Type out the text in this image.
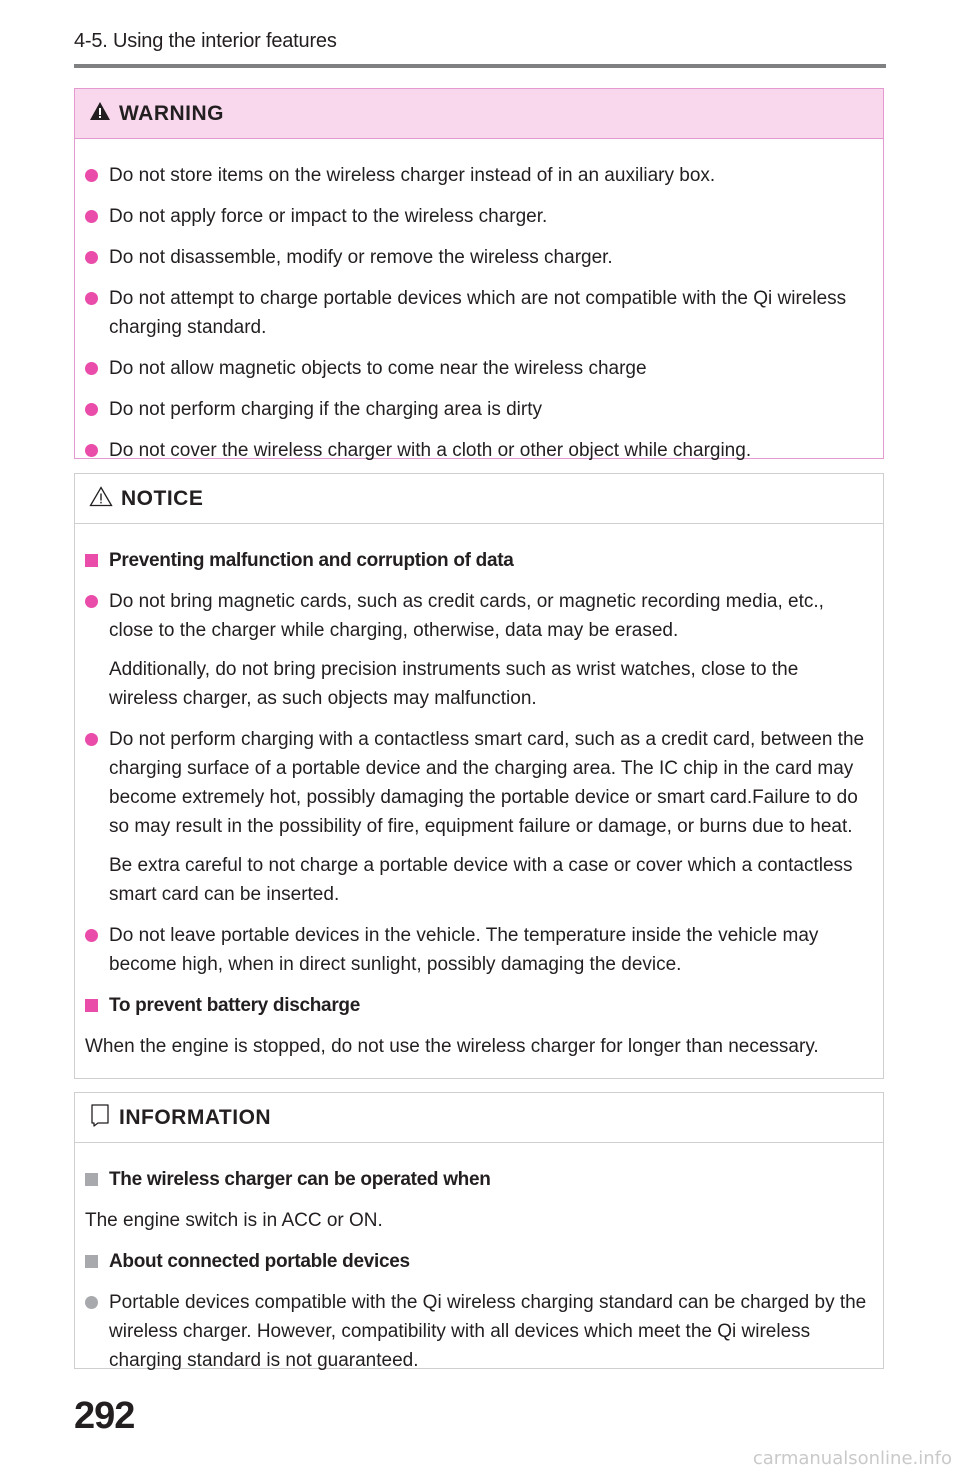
4-5. Using the interior features
WARNING
Do not store items on the wireless charger instead of in an auxiliary box.
Do not apply force or impact to the wireless charger.
Do not disassemble, modify or remove the wireless charger.
Do not attempt to charge portable devices which are not compatible with the Qi wireless charging standard.
Do not allow magnetic objects to come near the wireless charge
Do not perform charging if the charging area is dirty
Do not cover the wireless charger with a cloth or other object while charging.
NOTICE
Preventing malfunction and corruption of data
Do not bring magnetic cards, such as credit cards, or magnetic recording media, etc., close to the charger while charging, otherwise, data may be erased.
Additionally, do not bring precision instruments such as wrist watches, close to the wireless charger, as such objects may malfunction.
Do not perform charging with a contactless smart card, such as a credit card, between the charging surface of a portable device and the charging area. The IC chip in the card may become extremely hot, possibly damaging the portable device or smart card.Failure to do so may result in the possibility of fire, equipment failure or damage, or burns due to heat.
Be extra careful to not charge a portable device with a case or cover which a contactless smart card can be inserted.
Do not leave portable devices in the vehicle. The temperature inside the vehicle may become high, when in direct sunlight, possibly damaging the device.
To prevent battery discharge
When the engine is stopped, do not use the wireless charger for longer than necessary.
INFORMATION
The wireless charger can be operated when
The engine switch is in ACC or ON.
About connected portable devices
Portable devices compatible with the Qi wireless charging standard can be charged by the wireless charger. However, compatibility with all devices which meet the Qi wireless charging standard is not guaranteed.
292
carmanualsonline.info
